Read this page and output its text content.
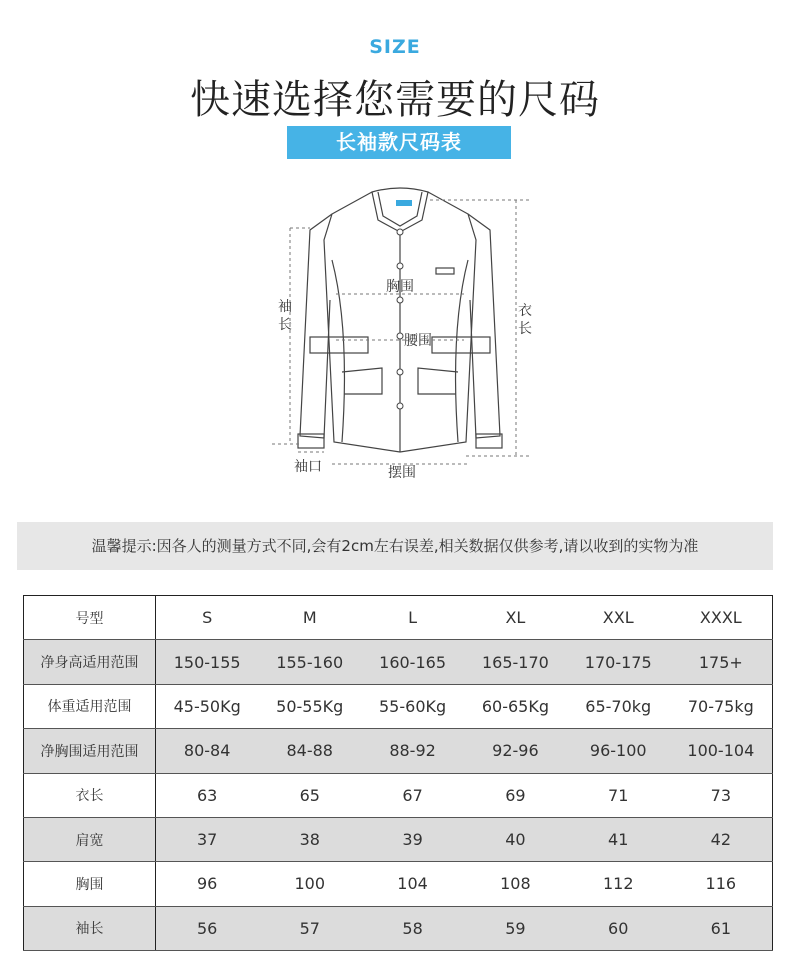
SIZE
快速选择您需要的尺码
长袖款尺码表
袖长
衣长
胸围
腰围
袖口	摆围
温馨提示:因各人的测量方式不同,会有2cm左右误差,相关数据仅供参考,请以收到的实物为准
号型	S	M	L	XL	XXL	XXXL
净身高适用范围	150-155	155-160	160-165	165-170	170-175	175+
体重适用范围	45-50Kg	50-55Kg	55-60Kg	60-65Kg	65-70kg	70-75kg
净胸围适用范围	80-84	84-88	88-92	92-96	96-100	100-104
衣长	63	65	67	69	71	73
肩宽	37	38	39	40	41	42
胸围	96	100	104	108	112	116
袖长	56	57	58	59	60	61
